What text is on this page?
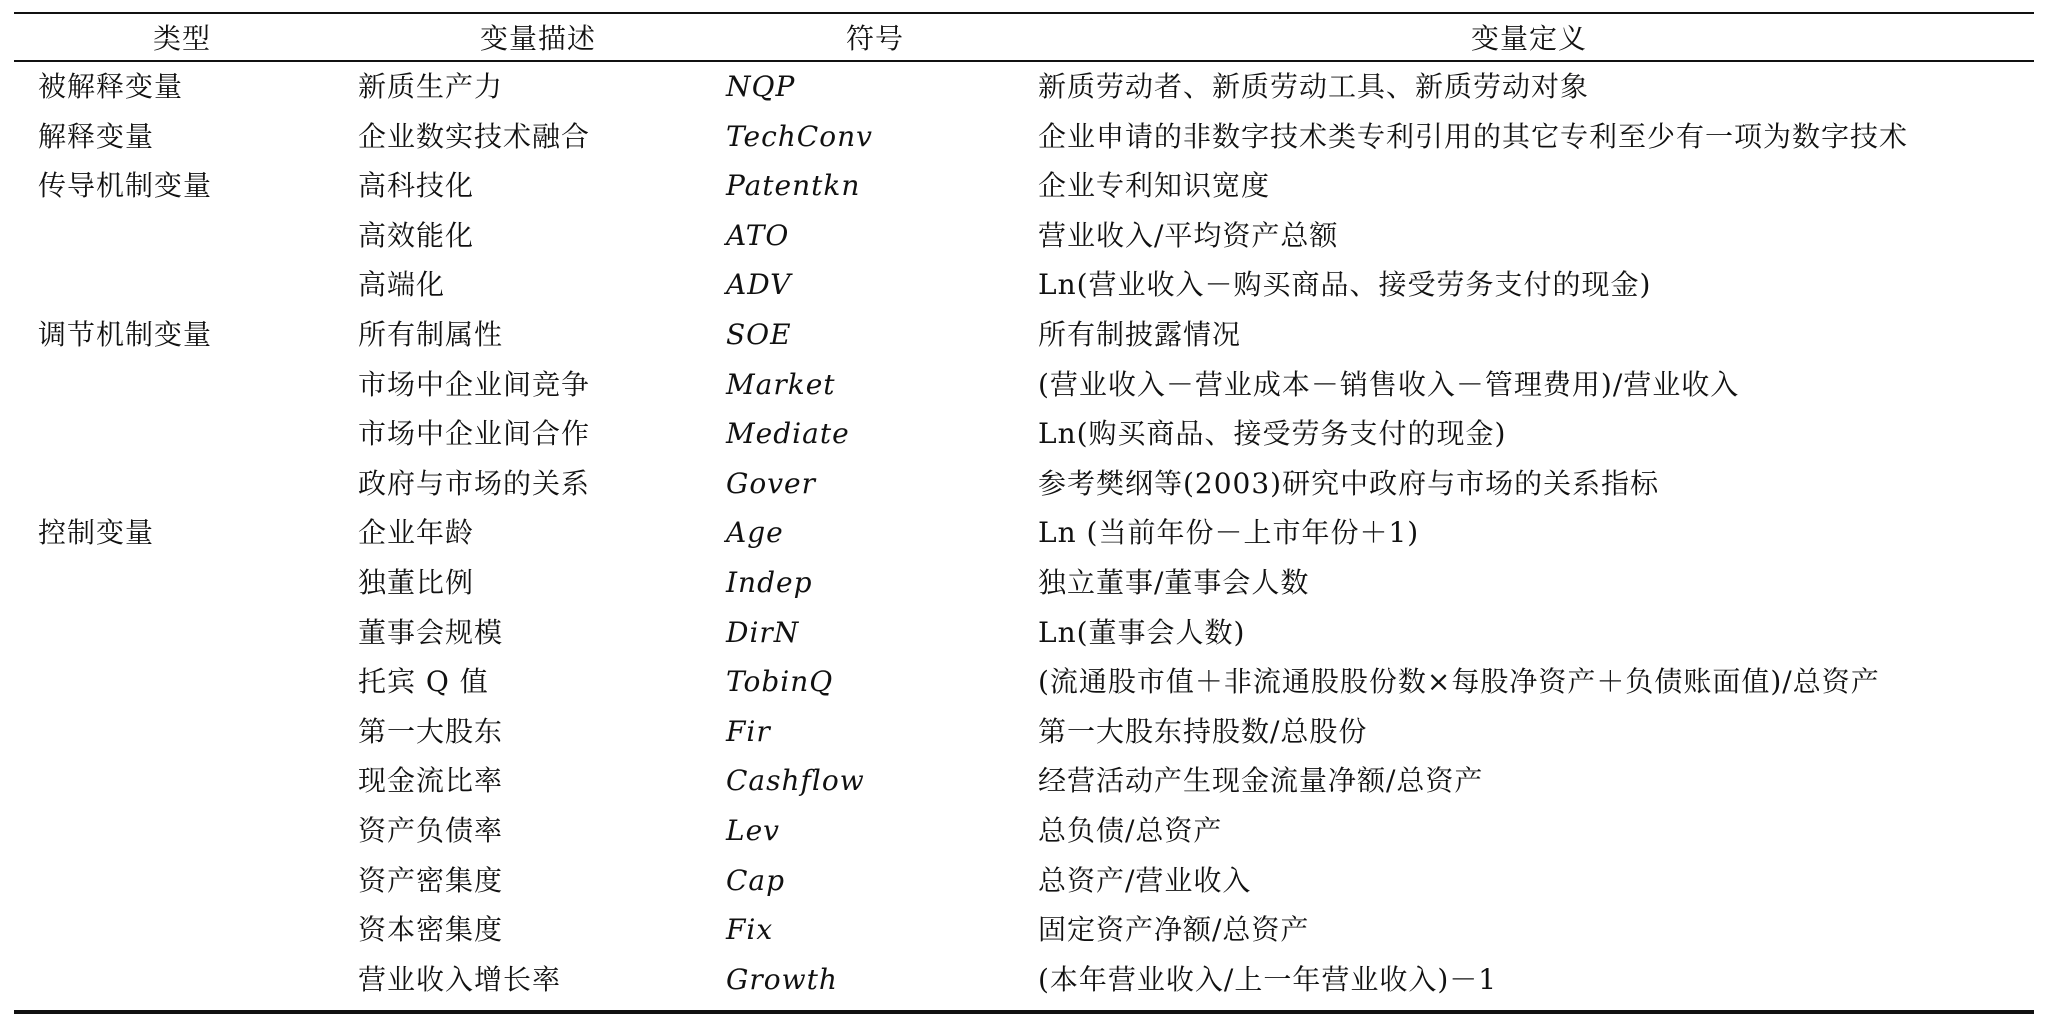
类型	变量描述	符号	变量定义
被解释变量	新质生产力	NQP	新质劳动者、新质劳动工具、新质劳动对象
解释变量	企业数实技术融合	TechConv	企业申请的非数字技术类专利引用的其它专利至少有一项为数字技术
传导机制变量	高科技化	Patentkn	企业专利知识宽度
	高效能化	ATO	营业收入/平均资产总额
	高端化	ADV	Ln(营业收入－购买商品、接受劳务支付的现金)
调节机制变量	所有制属性	SOE	所有制披露情况
	市场中企业间竞争	Market	(营业收入－营业成本－销售收入－管理费用)/营业收入
	市场中企业间合作	Mediate	Ln(购买商品、接受劳务支付的现金)
	政府与市场的关系	Gover	参考樊纲等(2003)研究中政府与市场的关系指标
控制变量	企业年龄	Age	Ln (当前年份－上市年份＋1)
	独董比例	Indep	独立董事/董事会人数
	董事会规模	DirN	Ln(董事会人数)
	托宾 Q 值	TobinQ	(流通股市值＋非流通股股份数×每股净资产＋负债账面值)/总资产
	第一大股东	Fir	第一大股东持股数/总股份
	现金流比率	Cashflow	经营活动产生现金流量净额/总资产
	资产负债率	Lev	总负债/总资产
	资产密集度	Cap	总资产/营业收入
	资本密集度	Fix	固定资产净额/总资产
	营业收入增长率	Growth	(本年营业收入/上一年营业收入)－1
